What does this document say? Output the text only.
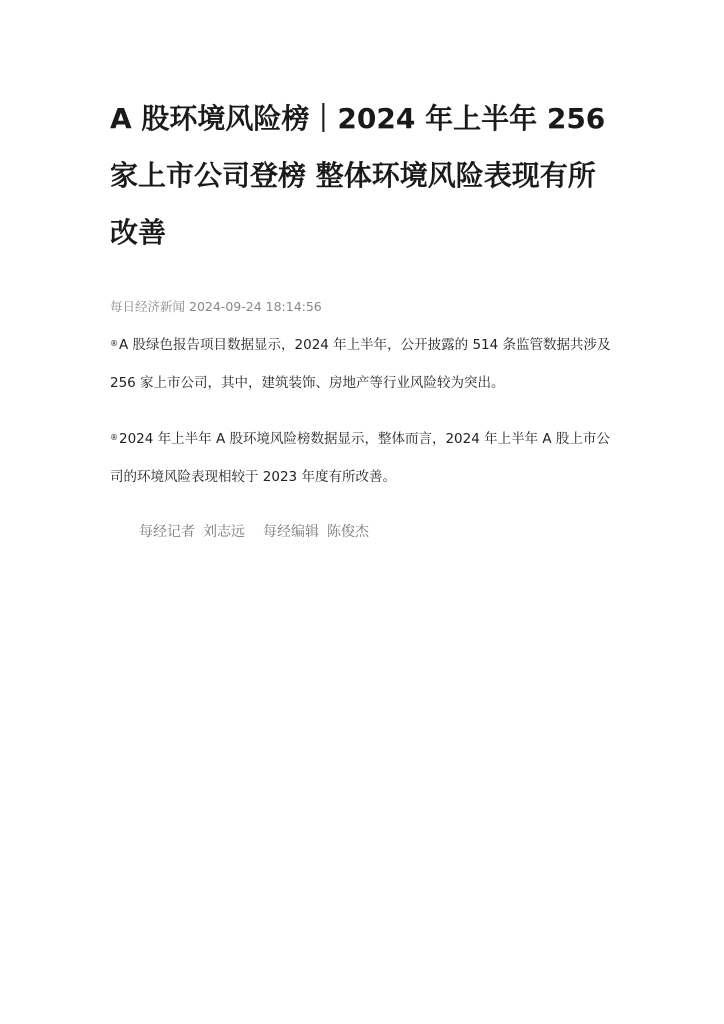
A 股环境风险榜｜2024 年上半年 256 家上市公司登榜 整体环境风险表现有所改善
每日经济新闻 2024-09-24 18:14:56

®A 股绿色报告项目数据显示，2024 年上半年，公开披露的 514 条监管数据共涉及 256 家上市公司，其中，建筑装饰、房地产等行业风险较为突出。

®2024 年上半年 A 股环境风险榜数据显示，整体而言，2024 年上半年 A 股上市公司的环境风险表现相较于 2023 年度有所改善。

每经记者 刘志远 每经编辑 陈俊杰
